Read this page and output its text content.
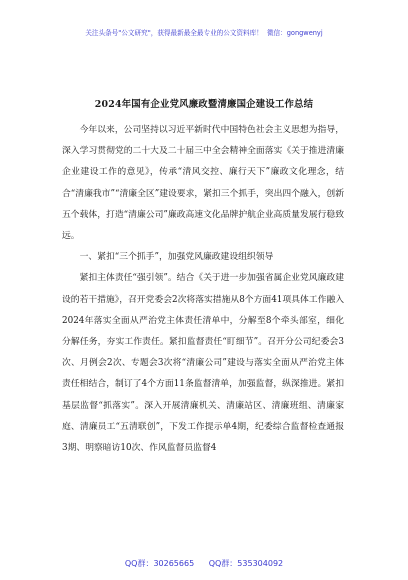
关注头条号"公文研究"，获得最新最全最专业的公文资料库！ 微信：gongwenyj
2024年国有企业党风廉政暨清廉国企建设工作总结

今年以来，公司坚持以习近平新时代中国特色社会主义思想为指导，深入学习贯彻党的二十大及二十届三中全会精神全面落实《关于推进清廉企业建设工作的意见》，传承“清风交控、廉行天下”廉政文化理念，结合“清廉我市”“清廉全区”建设要求，紧扣三个抓手，突出四个融入，创新五个载体，打造“清廉公司”廉政高速文化品牌护航企业高质量发展行稳致远。

一、紧扣“三个抓手”，加强党风廉政建设组织领导

紧扣主体责任“强引领”。结合《关于进一步加强省属企业党风廉政建设的若干措施》，召开党委会2次将落实措施从8个方面41项具体工作融入2024年落实全面从严治党主体责任清单中，分解至8个牵头部室，细化分解任务，夯实工作责任。紧扣监督责任“盯细节”。召开分公司纪委会3次、月例会2次、专题会3次将“清廉公司”建设与落实全面从严治党主体责任相结合，制订了4个方面11条监督清单，加强监督，纵深推进。紧扣基层监督“抓落实”。深入开展清廉机关、清廉站区、清廉班组、清廉家庭、清廉员工“五清联创”，下发工作提示单4期，纪委综合监督检查通报3期、明察暗访10次、作风监督员监督4

QQ群：30265665 QQ群：535304092
